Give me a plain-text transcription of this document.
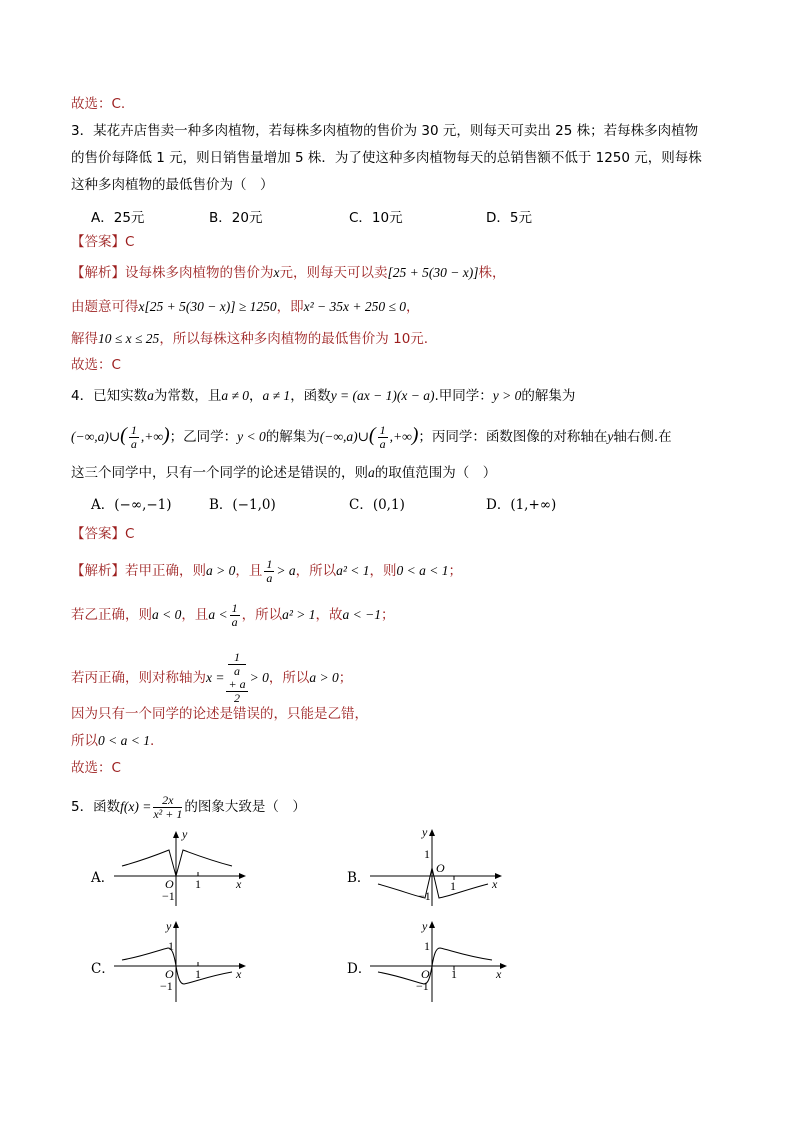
故选：C.
3．某花卉店售卖一种多肉植物，若每株多肉植物的售价为 30 元，则每天可卖出 25 株；若每株多肉植物
的售价每降低 1 元，则日销售量增加 5 株．为了使这种多肉植物每天的总销售额不低于 1250 元，则每株
这种多肉植物的最低售价为（　）
A．25元	B．20元	C．10元	D．5元
【答案】C
【解析】设每株多肉植物的售价为x元，则每天可以卖[25 + 5(30 − x)]株，
由题意可得x[25 + 5(30 − x)] ≥ 1250，即x² − 35x + 250 ≤ 0，
解得10 ≤ x ≤ 25，所以每株这种多肉植物的最低售价为 10元.
故选：C
4．已知实数a为常数，且a ≠ 0，a ≠ 1，函数y = (ax − 1)(x − a).甲同学：y > 0的解集为
(−∞,a)∪( $\frac{1}{a}$ ,+∞)；乙同学：y < 0的解集为(−∞,a)∪( $\frac{1}{a}$ ,+∞)；丙同学：函数图像的对称轴在y轴右侧.在
这三个同学中，只有一个同学的论述是错误的，则a的取值范围为（　）
A．(−∞,−1)	B．(−1,0)	C．(0,1)	D．(1,+∞)
【答案】C
【解析】若甲正确，则a > 0，且 $\frac{1}{a} > a$，所以a² < 1，则0 < a < 1；
若乙正确，则a < 0，且$a < \frac{1}{a}$ ，所以a² > 1，故a < −1；
若丙正确，则对称轴为x = 1
a
+ a
2 > 0，所以a > 0；
因为只有一个同学的论述是错误的，只能是乙错，
所以0 < a < 1.
故选：C
5．函数$f(x) = \frac{2x}{\text{x² + 1}}$ 的图象大致是（　）
A．	B．
C．	D．
y
x
O 1
−1
y
1
x
O
1
−1
y
1
x
O 1
−1
y
1
x
O 1
−1
